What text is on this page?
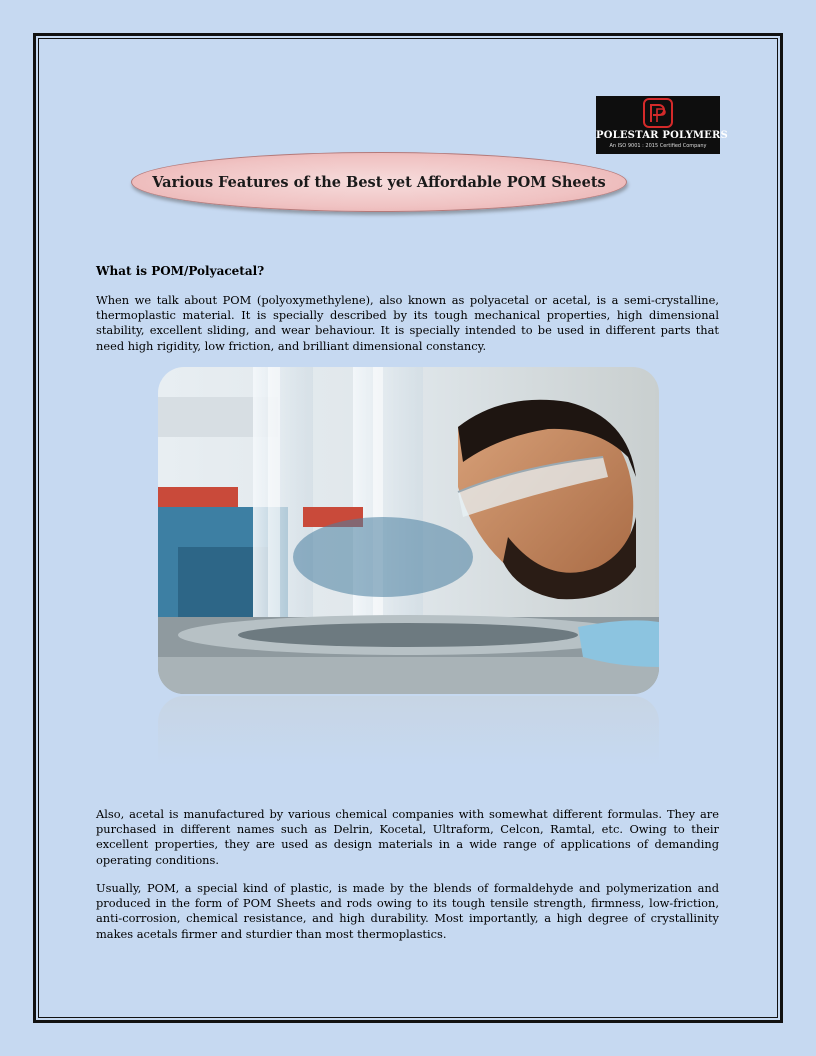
POLESTAR POLYMERS
An ISO 9001 : 2015 Certified Company
Various Features of the Best yet Affordable POM Sheets
What is POM/Polyacetal?

When we talk about POM (polyoxymethylene), also known as polyacetal or acetal, is a semi-crystalline, thermoplastic material. It is specially described by its tough mechanical properties, high dimensional stability, excellent sliding, and wear behaviour. It is specially intended to be used in different parts that need high rigidity, low friction, and brilliant dimensional constancy.

Also, acetal is manufactured by various chemical companies with somewhat different formulas. They are purchased in different names such as Delrin, Kocetal, Ultraform, Celcon, Ramtal, etc. Owing to their excellent properties, they are used as design materials in a wide range of applications of demanding operating conditions.

Usually, POM, a special kind of plastic, is made by the blends of formaldehyde and polymerization and produced in the form of POM Sheets and rods owing to its tough tensile strength, firmness, low-friction, anti-corrosion, chemical resistance, and high durability. Most importantly, a high degree of crystallinity makes acetals firmer and sturdier than most thermoplastics.
